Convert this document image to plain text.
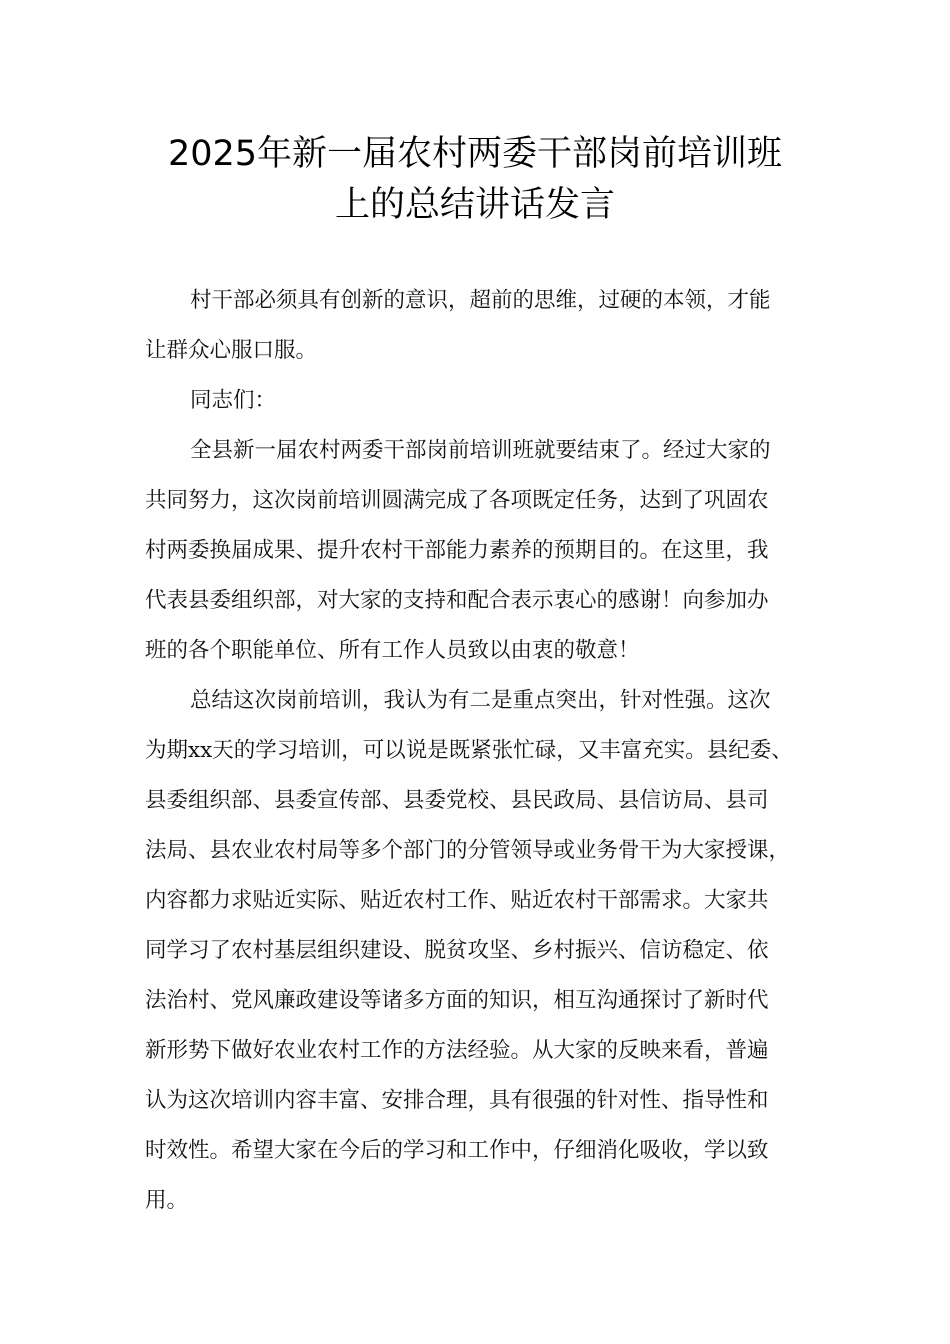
2025年新一届农村两委干部岗前培训班
上的总结讲话发言
村干部必须具有创新的意识，超前的思维，过硬的本领，才能
让群众心服口服。
同志们：
全县新一届农村两委干部岗前培训班就要结束了。经过大家的
共同努力，这次岗前培训圆满完成了各项既定任务，达到了巩固农
村两委换届成果、提升农村干部能力素养的预期目的。在这里，我
代表县委组织部，对大家的支持和配合表示衷心的感谢！向参加办
班的各个职能单位、所有工作人员致以由衷的敬意！
总结这次岗前培训，我认为有二是重点突出，针对性强。这次
为期xx天的学习培训，可以说是既紧张忙碌，又丰富充实。县纪委、
县委组织部、县委宣传部、县委党校、县民政局、县信访局、县司
法局、县农业农村局等多个部门的分管领导或业务骨干为大家授课，
内容都力求贴近实际、贴近农村工作、贴近农村干部需求。大家共
同学习了农村基层组织建设、脱贫攻坚、乡村振兴、信访稳定、依
法治村、党风廉政建设等诸多方面的知识，相互沟通探讨了新时代
新形势下做好农业农村工作的方法经验。从大家的反映来看，普遍
认为这次培训内容丰富、安排合理，具有很强的针对性、指导性和
时效性。希望大家在今后的学习和工作中，仔细消化吸收，学以致
用。
